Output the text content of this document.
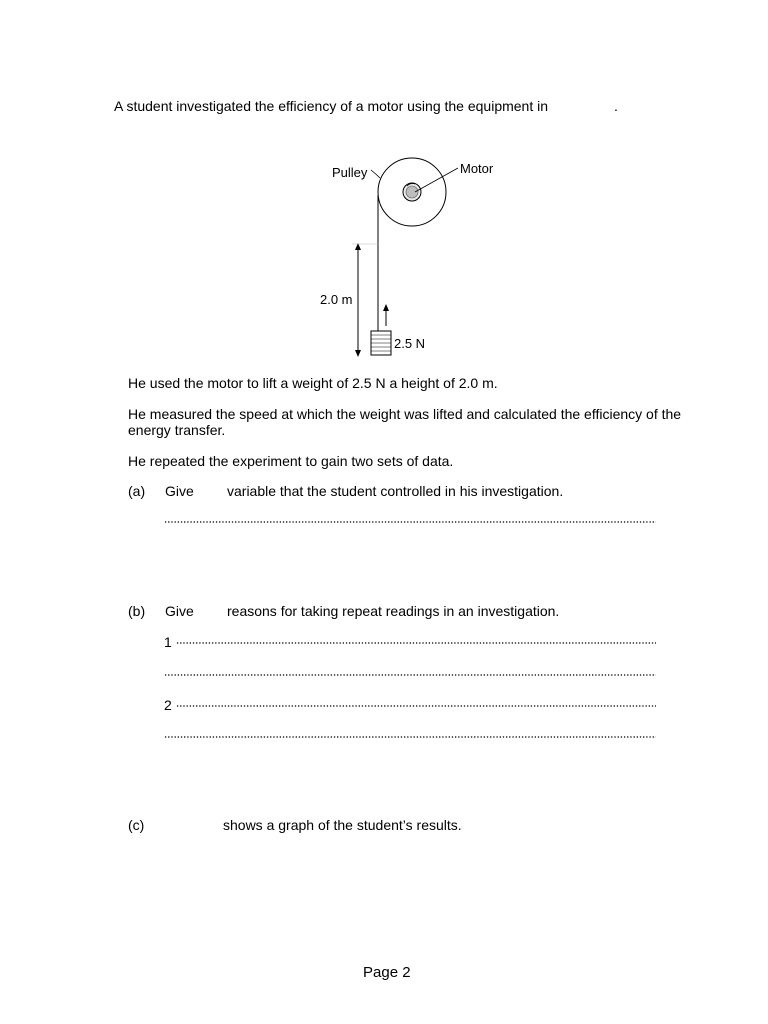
A student investigated the efficiency of a motor using the equipment in	.
Pulley	Motor
2.0 m
2.5 N
He used the motor to lift a weight of 2.5 N a height of 2.0 m.
He measured the speed at which the weight was lifted and calculated the efficiency of the
energy transfer.
He repeated the experiment to gain two sets of data.
(a) Give variable that the student controlled in his investigation.
(b) Give reasons for taking repeat readings in an investigation.
1
2
(c)	shows a graph of the student’s results.
Page 2
